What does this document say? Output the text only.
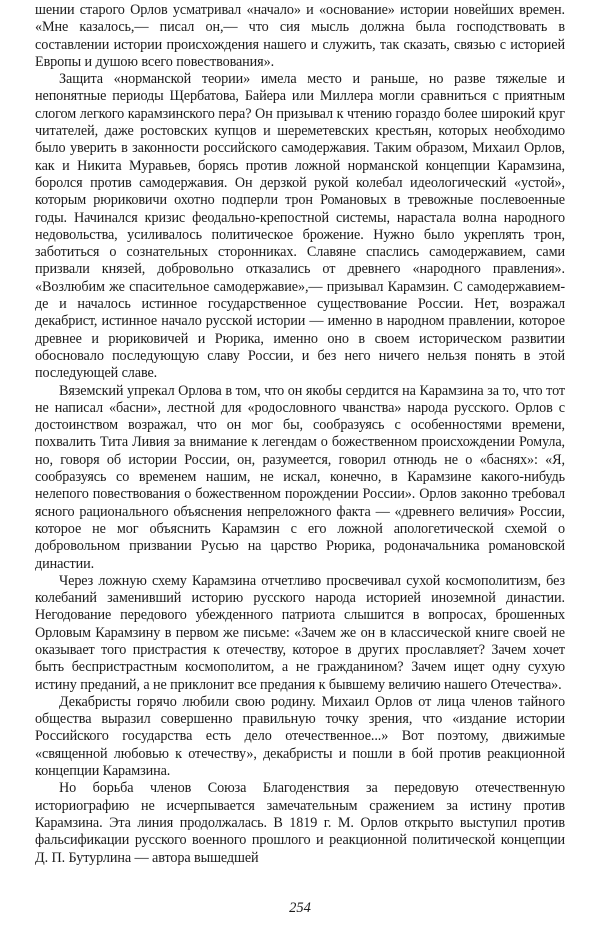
шении старого Орлов усматривал «начало» и «основание» истории новейших времен. «Мне казалось,— писал он,— что сия мысль должна была господствовать в составлении истории происхождения нашего и служить, так сказать, связью с историей Европы и душою всего повествования».

Защита «норманской теории» имела место и раньше, но разве тяжелые и непонятные периоды Щербатова, Байера или Миллера могли сравниться с приятным слогом легкого карамзинского пера? Он призывал к чтению гораздо более широкий круг читателей, даже ростовских купцов и шереметевских крестьян, которых необходимо было уверить в законности российского самодержавия. Таким образом, Михаил Орлов, как и Никита Муравьев, борясь против ложной норманской концепции Карамзина, боролся против самодержавия. Он дерзкой рукой колебал идеологический «устой», которым рюриковичи охотно подперли трон Романовых в тревожные послевоенные годы. Начинался кризис феодально-крепостной системы, нарастала волна народного недовольства, усиливалось политическое брожение. Нужно было укреплять трон, заботиться о сознательных сторонниках. Славяне спаслись самодержавием, сами призвали князей, добровольно отказались от древнего «народного правления». «Возлюбим же спасительное самодержавие»,— призывал Карамзин. С самодержавием-де и началось истинное государственное существование России. Нет, возражал декабрист, истинное начало русской истории — именно в народном правлении, которое древнее и рюриковичей и Рюрика, именно оно в своем историческом развитии обосновало последующую славу России, и без него ничего нельзя понять в этой последующей славе.

Вяземский упрекал Орлова в том, что он якобы сердится на Карамзина за то, что тот не написал «басни», лестной для «родословного чванства» народа русского. Орлов с достоинством возражал, что он мог бы, сообразуясь с особенностями времени, похвалить Тита Ливия за внимание к легендам о божественном происхождении Ромула, но, говоря об истории России, он, разумеется, говорил отнюдь не о «баснях»: «Я, сообразуясь со временем нашим, не искал, конечно, в Карамзине какого-нибудь нелепого повествования о божественном порождении России». Орлов законно требовал ясного рационального объяснения непреложного факта — «древнего величия» России, которое не мог объяснить Карамзин с его ложной апологетической схемой о добровольном призвании Русью на царство Рюрика, родоначальника романовской династии.

Через ложную схему Карамзина отчетливо просвечивал сухой космополитизм, без колебаний заменивший историю русского народа историей иноземной династии. Негодование передового убежденного патриота слышится в вопросах, брошенных Орловым Карамзину в первом же письме: «Зачем же он в классической книге своей не оказывает того пристрастия к отечеству, которое в других прославляет? Зачем хочет быть беспристрастным космополитом, а не гражданином? Зачем ищет одну сухую истину преданий, а не приклонит все предания к бывшему величию нашего Отечества».

Декабристы горячо любили свою родину. Михаил Орлов от лица членов тайного общества выразил совершенно правильную точку зрения, что «издание истории Российского государства есть дело отечественное...» Вот поэтому, движимые «священной любовью к отечеству», декабристы и пошли в бой против реакционной концепции Карамзина.

Но борьба членов Союза Благоденствия за передовую отечественную историографию не исчерпывается замечательным сражением за истину против Карамзина. Эта линия продолжалась. В 1819 г. М. Орлов открыто выступил против фальсификации русского военного прошлого и реакционной политической концепции Д. П. Бутурлина — автора вышедшей

254
